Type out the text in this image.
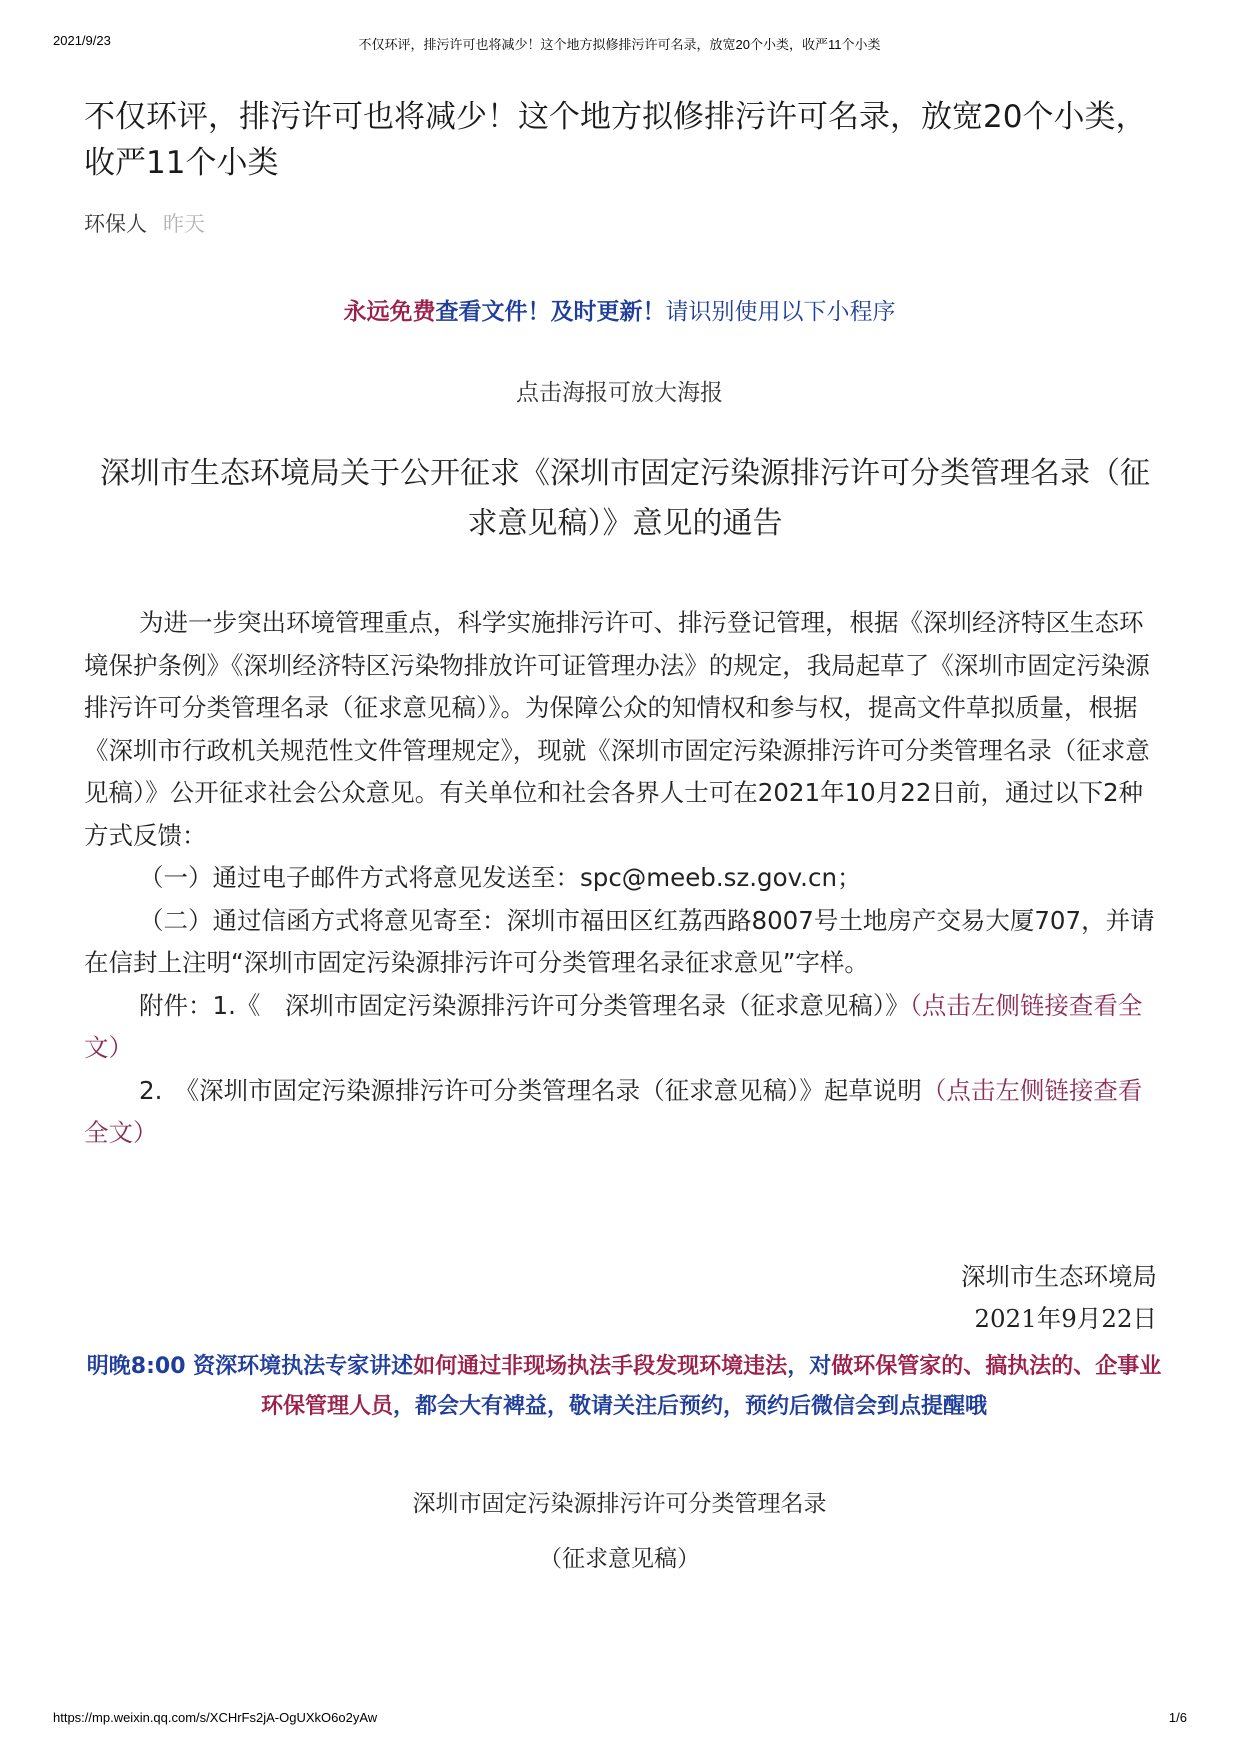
2021/9/23	不仅环评，排污许可也将减少！这个地方拟修排污许可名录，放宽20个小类，收严11个小类
不仅环评，排污许可也将减少！这个地方拟修排污许可名录，放宽20个小类，收严11个小类
环保人 昨天
永远免费查看文件！及时更新！请识别使用以下小程序
点击海报可放大海报
深圳市生态环境局关于公开征求《深圳市固定污染源排污许可分类管理名录（征求意见稿）》意见的通告

为进一步突出环境管理重点，科学实施排污许可、排污登记管理，根据《深圳经济特区生态环境保护条例》《深圳经济特区污染物排放许可证管理办法》的规定，我局起草了《深圳市固定污染源排污许可分类管理名录（征求意见稿）》。为保障公众的知情权和参与权，提高文件草拟质量，根据《深圳市行政机关规范性文件管理规定》，现就《深圳市固定污染源排污许可分类管理名录（征求意见稿）》公开征求社会公众意见。有关单位和社会各界人士可在2021年10月22日前，通过以下2种方式反馈：

（一）通过电子邮件方式将意见发送至：spc@meeb.sz.gov.cn；

（二）通过信函方式将意见寄至：深圳市福田区红荔西路8007号土地房产交易大厦707，并请在信封上注明“深圳市固定污染源排污许可分类管理名录征求意见”字样。

附件：1.《　深圳市固定污染源排污许可分类管理名录（征求意见稿）》（点击左侧链接查看全文）

2.　《深圳市固定污染源排污许可分类管理名录（征求意见稿）》起草说明（点击左侧链接查看全文）

深圳市生态环境局
2021年9月22日
明晚8:00 资深环境执法专家讲述如何通过非现场执法手段发现环境违法，对做环保管家的、搞执法的、企事业环保管理人员，都会大有裨益，敬请关注后预约，预约后微信会到点提醒哦
深圳市固定污染源排污许可分类管理名录
（征求意见稿）
https://mp.weixin.qq.com/s/XCHrFs2jA-OgUXkO6o2yAw	1/6
